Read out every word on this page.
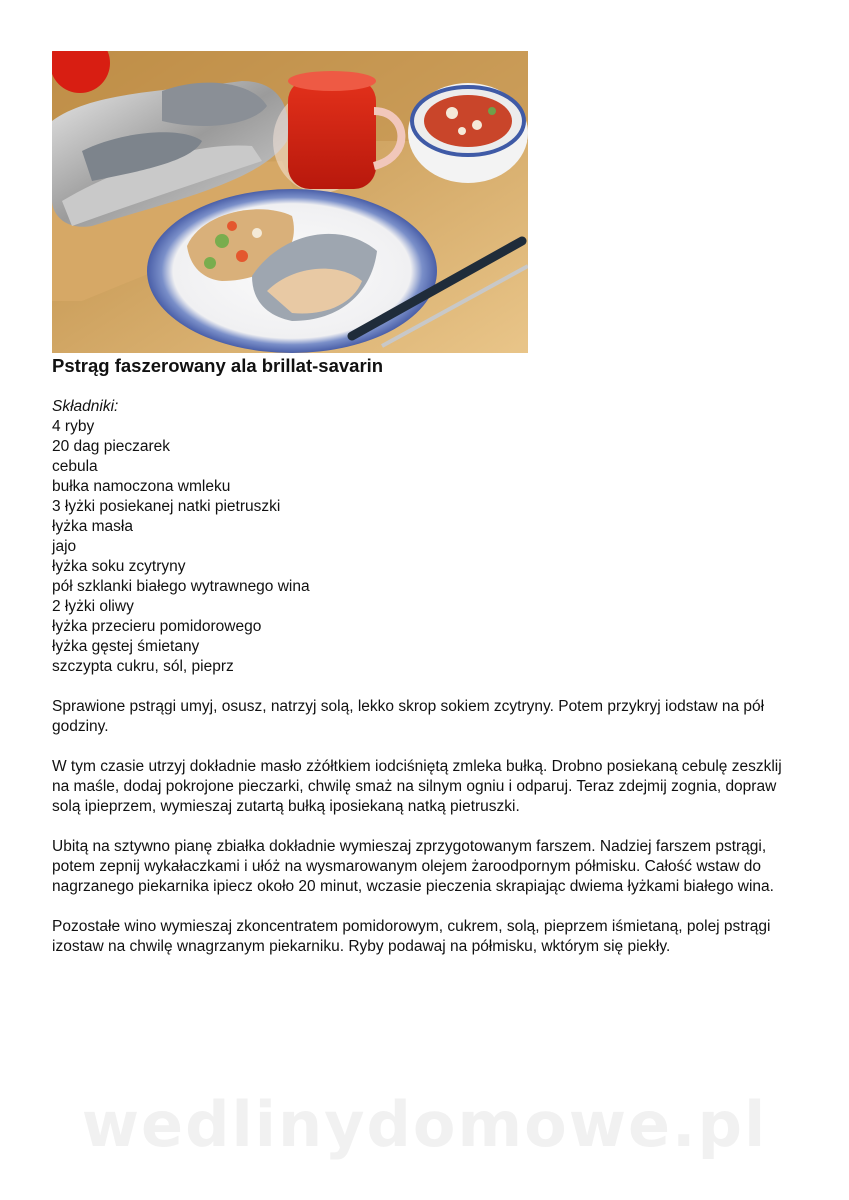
Pstrąg faszerowany ala brillat-savarin
Składniki:
4 ryby
20 dag pieczarek
cebula
bułka namoczona wmleku
3 łyżki posiekanej natki pietruszki
łyżka masła
jajo
łyżka soku zcytryny
pół szklanki białego wytrawnego wina
2 łyżki oliwy
łyżka przecieru pomidorowego
łyżka gęstej śmietany
szczypta cukru, sól, pieprz

Sprawione pstrągi umyj, osusz, natrzyj solą, lekko skrop sokiem zcytryny. Potem przykryj iodstaw na pół godziny.

W tym czasie utrzyj dokładnie masło zżółtkiem iodciśniętą zmleka bułką. Drobno posiekaną cebulę zeszklij na maśle, dodaj pokrojone pieczarki, chwilę smaż na silnym ogniu i odparuj. Teraz zdejmij zognia, dopraw solą ipieprzem, wymieszaj zutartą bułką iposiekaną natką pietruszki.

Ubitą na sztywno pianę zbiałka dokładnie wymieszaj zprzygotowanym farszem. Nadziej farszem pstrągi, potem zepnij wykałaczkami i ułóż na wysmarowanym olejem żaroodpornym półmisku. Całość wstaw do nagrzanego piekarnika ipiecz około 20 minut, wczasie pieczenia skrapiając dwiema łyżkami białego wina.

Pozostałe wino wymieszaj zkoncentratem pomidorowym, cukrem, solą, pieprzem iśmietaną, polej pstrągi izostaw na chwilę wnagrzanym piekarniku. Ryby podawaj na półmisku, wktórym się piekły.

wedlinydomowe.pl
